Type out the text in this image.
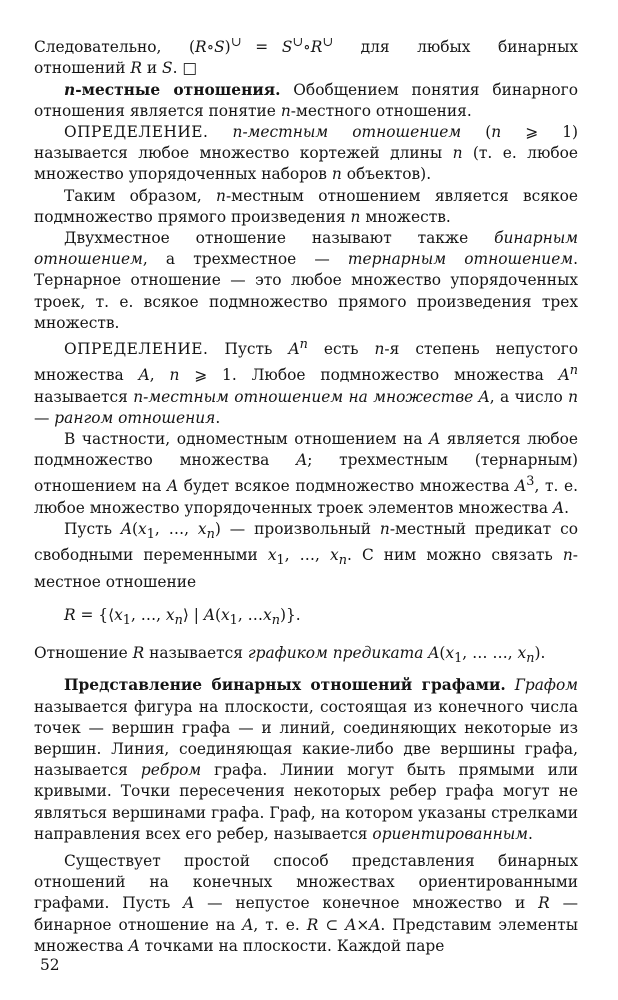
Следовательно,  (R∘S)∪ = S∪∘R∪  для  любых  бинарных отношений R и S. □

n-местные отношения. Обобщением понятия бинарного отношения является понятие n-местного отношения.

ОПРЕДЕЛЕНИЕ. n-местным отношением (n ⩾ 1) называется любое множество кортежей длины n (т. е. любое множество упорядоченных наборов n объектов).

Таким образом, n-местным отношением является всякое подмножество прямого произведения n множеств.

Двухместное отношение называют также бинарным отношением, а трехместное — тернарным отношением. Тернарное отношение — это любое множество упорядоченных троек, т. е. всякое подмножество прямого произведения трех множеств.

ОПРЕДЕЛЕНИЕ. Пусть $A^n$ есть n-я степень непустого множества A, n ⩾ 1. Любое подмножество множества $A^n$ называется n-местным отношением на множестве A, а число n — рангом отношения.

В частности, одноместным отношением на A является любое подмножество множества A; трехместным (тернарным) отношением на A будет всякое подмножество множества $A^3$, т. е. любое множество упорядоченных троек элементов множества A.

Пусть $A(x_1$, …, $x_n$) — произвольный n-местный предикат со свободными переменными $x_1$, …, $x_n$. С ним можно связать n-местное отношение

$R = \{⟨x_1$, …, $x_n⟩$ | $A(x_1$, $\dots x_n$)}.

Отношение R называется графиком предиката $A(x_1$, … …, $x_n$).

Представление бинарных отношений графами. Графом называется фигура на плоскости, состоящая из конечного числа точек — вершин графа — и линий, соединяющих некоторые из вершин. Линия, соединяющая какие-либо две вершины графа, называется ребром графа. Линии могут быть прямыми или кривыми. Точки пересечения некоторых ребер графа могут не являться вершинами графа. Граф, на котором указаны стрелками направления всех его ребер, называется ориентированным.

Существует простой способ представления бинарных отношений на конечных множествах ориентированными графами. Пусть A — непустое конечное множество и R — бинарное отношение на A, т. е. R ⊂ A×A. Представим элементы множества A точками на плоскости. Каждой паре

52
